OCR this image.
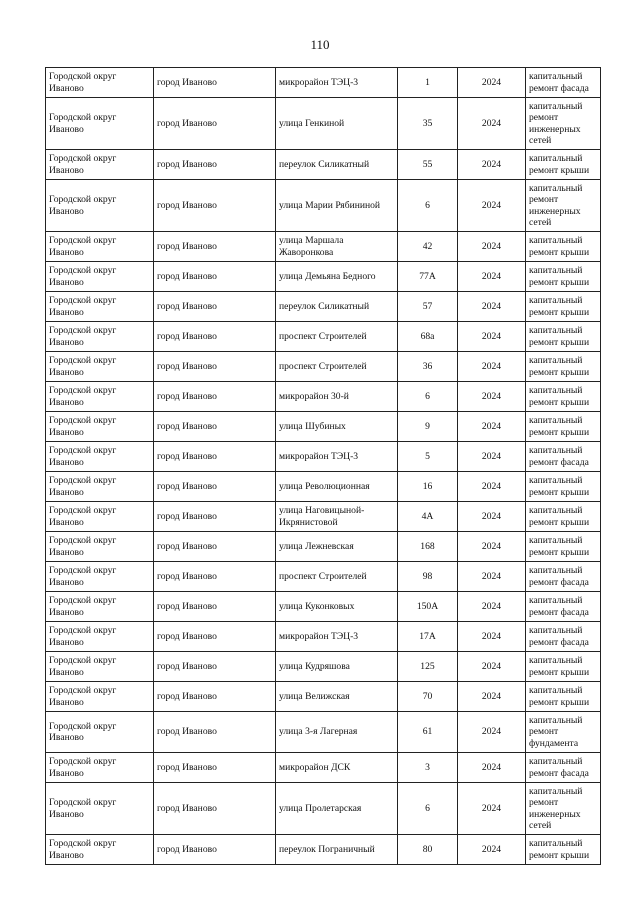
110
Городской округ Иваново	город Иваново	микрорайон ТЭЦ-3	1	2024	капитальный ремонт фасада
Городской округ Иваново	город Иваново	улица Генкиной	35	2024	капитальный ремонт инженерных сетей
Городской округ Иваново	город Иваново	переулок Силикатный	55	2024	капитальный ремонт крыши
Городской округ Иваново	город Иваново	улица Марии Рябининой	6	2024	капитальный ремонт инженерных сетей
Городской округ Иваново	город Иваново	улица Маршала Жаворонкова	42	2024	капитальный ремонт крыши
Городской округ Иваново	город Иваново	улица Демьяна Бедного	77А	2024	капитальный ремонт крыши
Городской округ Иваново	город Иваново	переулок Силикатный	57	2024	капитальный ремонт крыши
Городской округ Иваново	город Иваново	проспект Строителей	68а	2024	капитальный ремонт крыши
Городской округ Иваново	город Иваново	проспект Строителей	36	2024	капитальный ремонт крыши
Городской округ Иваново	город Иваново	микрорайон 30-й	6	2024	капитальный ремонт крыши
Городской округ Иваново	город Иваново	улица Шубиных	9	2024	капитальный ремонт крыши
Городской округ Иваново	город Иваново	микрорайон ТЭЦ-3	5	2024	капитальный ремонт фасада
Городской округ Иваново	город Иваново	улица Революционная	16	2024	капитальный ремонт крыши
Городской округ Иваново	город Иваново	улица Наговицыной-Икрянистовой	4А	2024	капитальный ремонт крыши
Городской округ Иваново	город Иваново	улица Лежневская	168	2024	капитальный ремонт крыши
Городской округ Иваново	город Иваново	проспект Строителей	98	2024	капитальный ремонт фасада
Городской округ Иваново	город Иваново	улица Куконковых	150А	2024	капитальный ремонт фасада
Городской округ Иваново	город Иваново	микрорайон ТЭЦ-3	17А	2024	капитальный ремонт фасада
Городской округ Иваново	город Иваново	улица Кудряшова	125	2024	капитальный ремонт крыши
Городской округ Иваново	город Иваново	улица Велижская	70	2024	капитальный ремонт крыши
Городской округ Иваново	город Иваново	улица 3-я Лагерная	61	2024	капитальный ремонт фундамента
Городской округ Иваново	город Иваново	микрорайон ДСК	3	2024	капитальный ремонт фасада
Городской округ Иваново	город Иваново	улица Пролетарская	6	2024	капитальный ремонт инженерных сетей
Городской округ Иваново	город Иваново	переулок Пограничный	80	2024	капитальный ремонт крыши
